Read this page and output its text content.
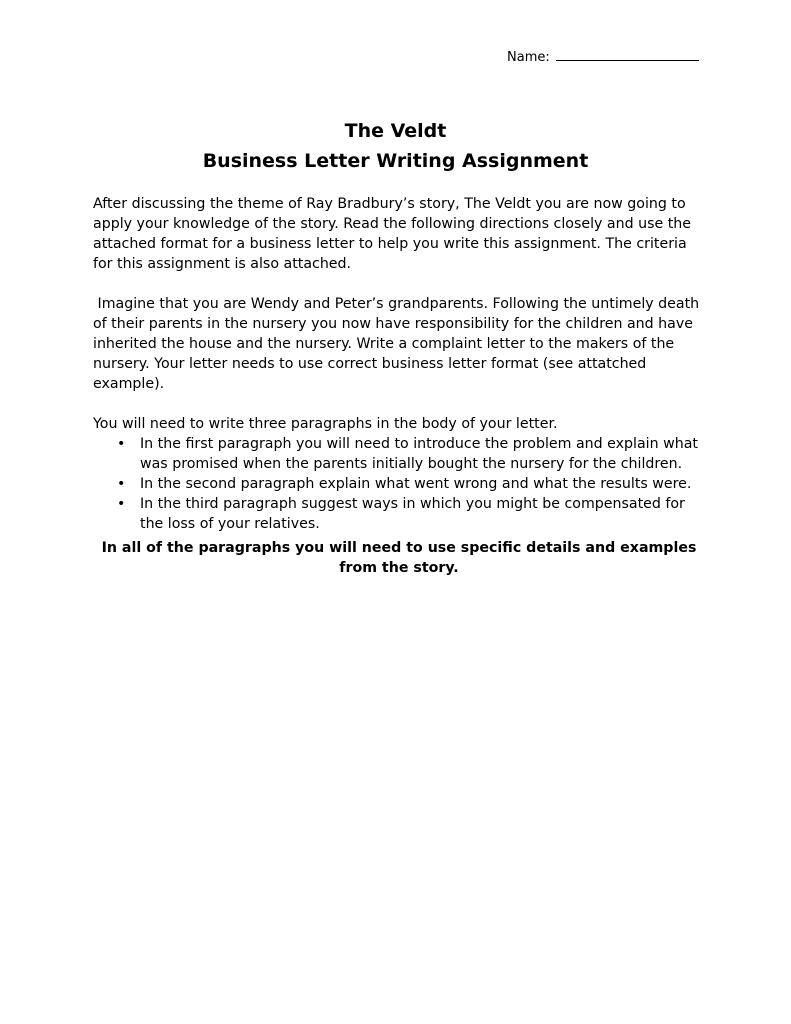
Name:
The Veldt
Business Letter Writing Assignment

After discussing the theme of Ray Bradbury’s story, The Veldt you are now going to apply your knowledge of the story. Read the following directions closely and use the attached format for a business letter to help you write this assignment. The criteria for this assignment is also attached.

Imagine that you are Wendy and Peter’s grandparents. Following the untimely death of their parents in the nursery you now have responsibility for the children and have inherited the house and the nursery. Write a complaint letter to the makers of the nursery. Your letter needs to use correct business letter format (see attatched example).

You will need to write three paragraphs in the body of your letter.

• In the first paragraph you will need to introduce the problem and explain what was promised when the parents initially bought the nursery for the children.
• In the second paragraph explain what went wrong and what the results were.
• In the third paragraph suggest ways in which you might be compensated for the loss of your relatives.
In all of the paragraphs you will need to use specific details and examples from the story.
